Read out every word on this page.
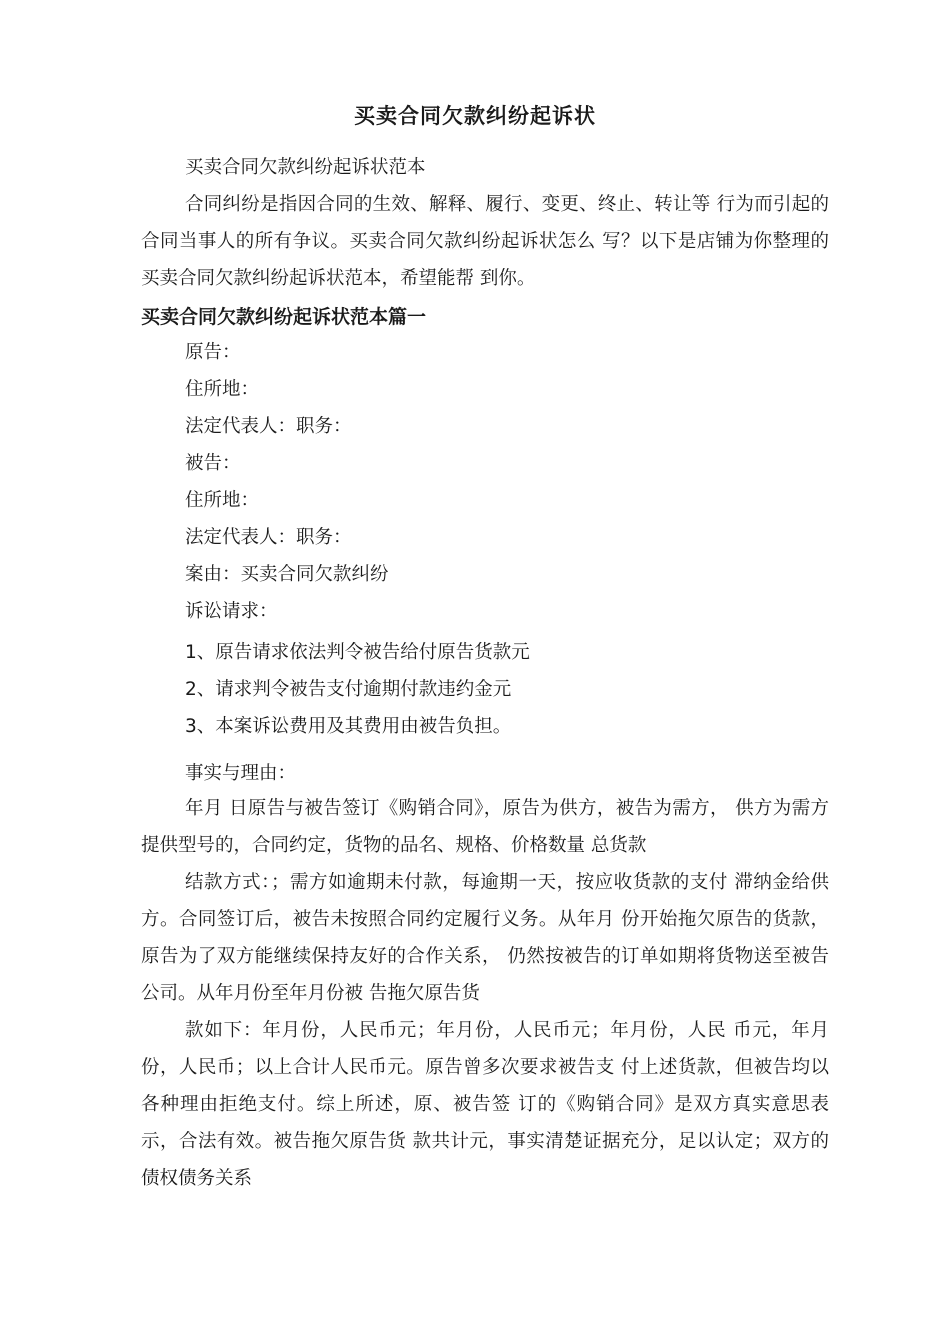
买卖合同欠款纠纷起诉状
买卖合同欠款纠纷起诉状范本
合同纠纷是指因合同的生效、解释、履行、变更、终止、转让等 行为而引起的合同当事人的所有争议。买卖合同欠款纠纷起诉状怎么 写？以下是店铺为你整理的买卖合同欠款纠纷起诉状范本，希望能帮 到你。
买卖合同欠款纠纷起诉状范本篇一
原告：
住所地：
法定代表人：职务：
被告：
住所地：
法定代表人：职务：
案由：买卖合同欠款纠纷
诉讼请求：
1、原告请求依法判令被告给付原告货款元
2、请求判令被告支付逾期付款违约金元
3、本案诉讼费用及其费用由被告负担。
事实与理由：
年月 日原告与被告签订《购销合同》，原告为供方，被告为需方， 供方为需方提供型号的，合同约定，货物的品名、规格、价格数量 总货款
结款方式：；需方如逾期未付款，每逾期一天，按应收货款的支付 滞纳金给供方。合同签订后，被告未按照合同约定履行义务。从年月 份开始拖欠原告的货款，原告为了双方能继续保持友好的合作关系， 仍然按被告的订单如期将货物送至被告公司。从年月份至年月份被 告拖欠原告货
款如下：年月份，人民币元；年月份，人民币元；年月份，人民 币元，年月份，人民币；以上合计人民币元。原告曾多次要求被告支 付上述货款，但被告均以各种理由拒绝支付。综上所述，原、被告签 订的《购销合同》是双方真实意思表示，合法有效。被告拖欠原告货 款共计元，事实清楚证据充分，足以认定；双方的债权债务关系
